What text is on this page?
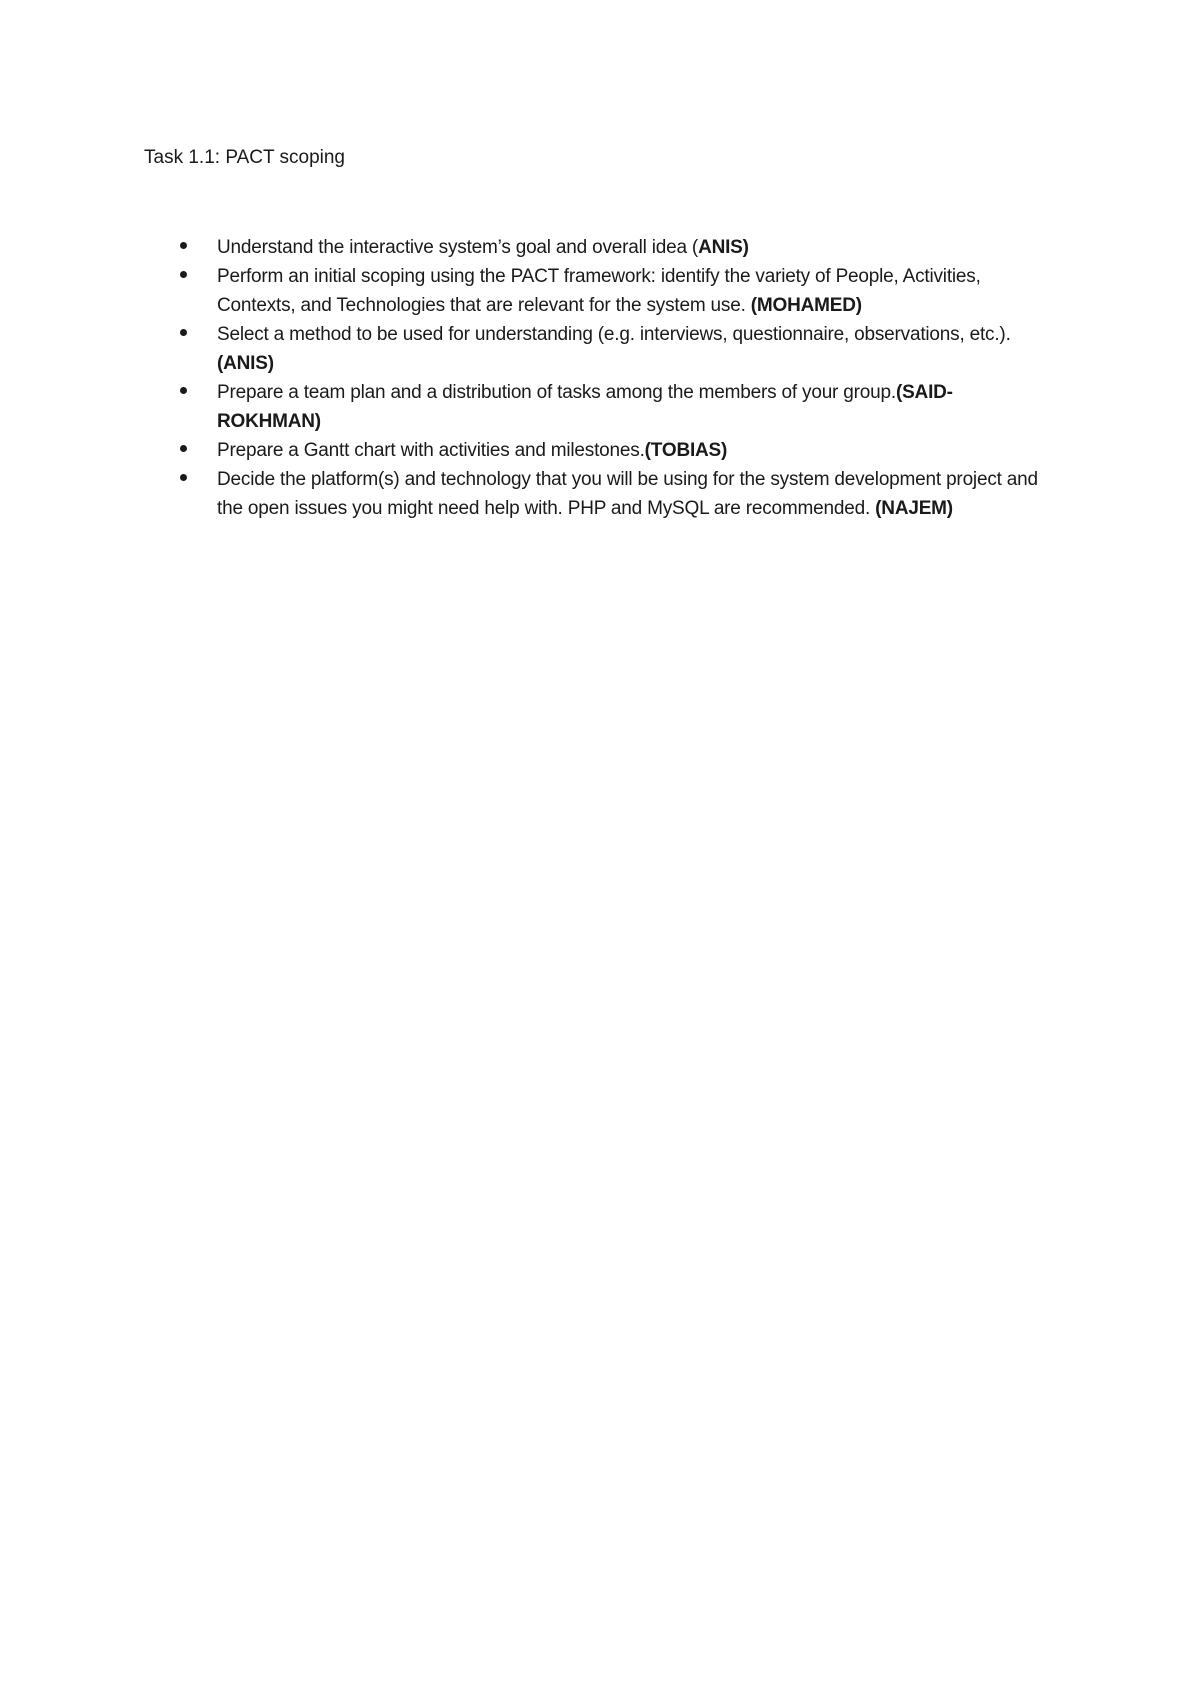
Task 1.1: PACT scoping
Understand the interactive system’s goal and overall idea (ANIS)
Perform an initial scoping using the PACT framework: identify the variety of People, Activities, Contexts, and Technologies that are relevant for the system use. (MOHAMED)
Select a method to be used for understanding (e.g. interviews, questionnaire, observations, etc.). (ANIS)
Prepare a team plan and a distribution of tasks among the members of your group.(SAID-ROKHMAN)
Prepare a Gantt chart with activities and milestones.(TOBIAS)
Decide the platform(s) and technology that you will be using for the system development project and the open issues you might need help with. PHP and MySQL are recommended. (NAJEM)
